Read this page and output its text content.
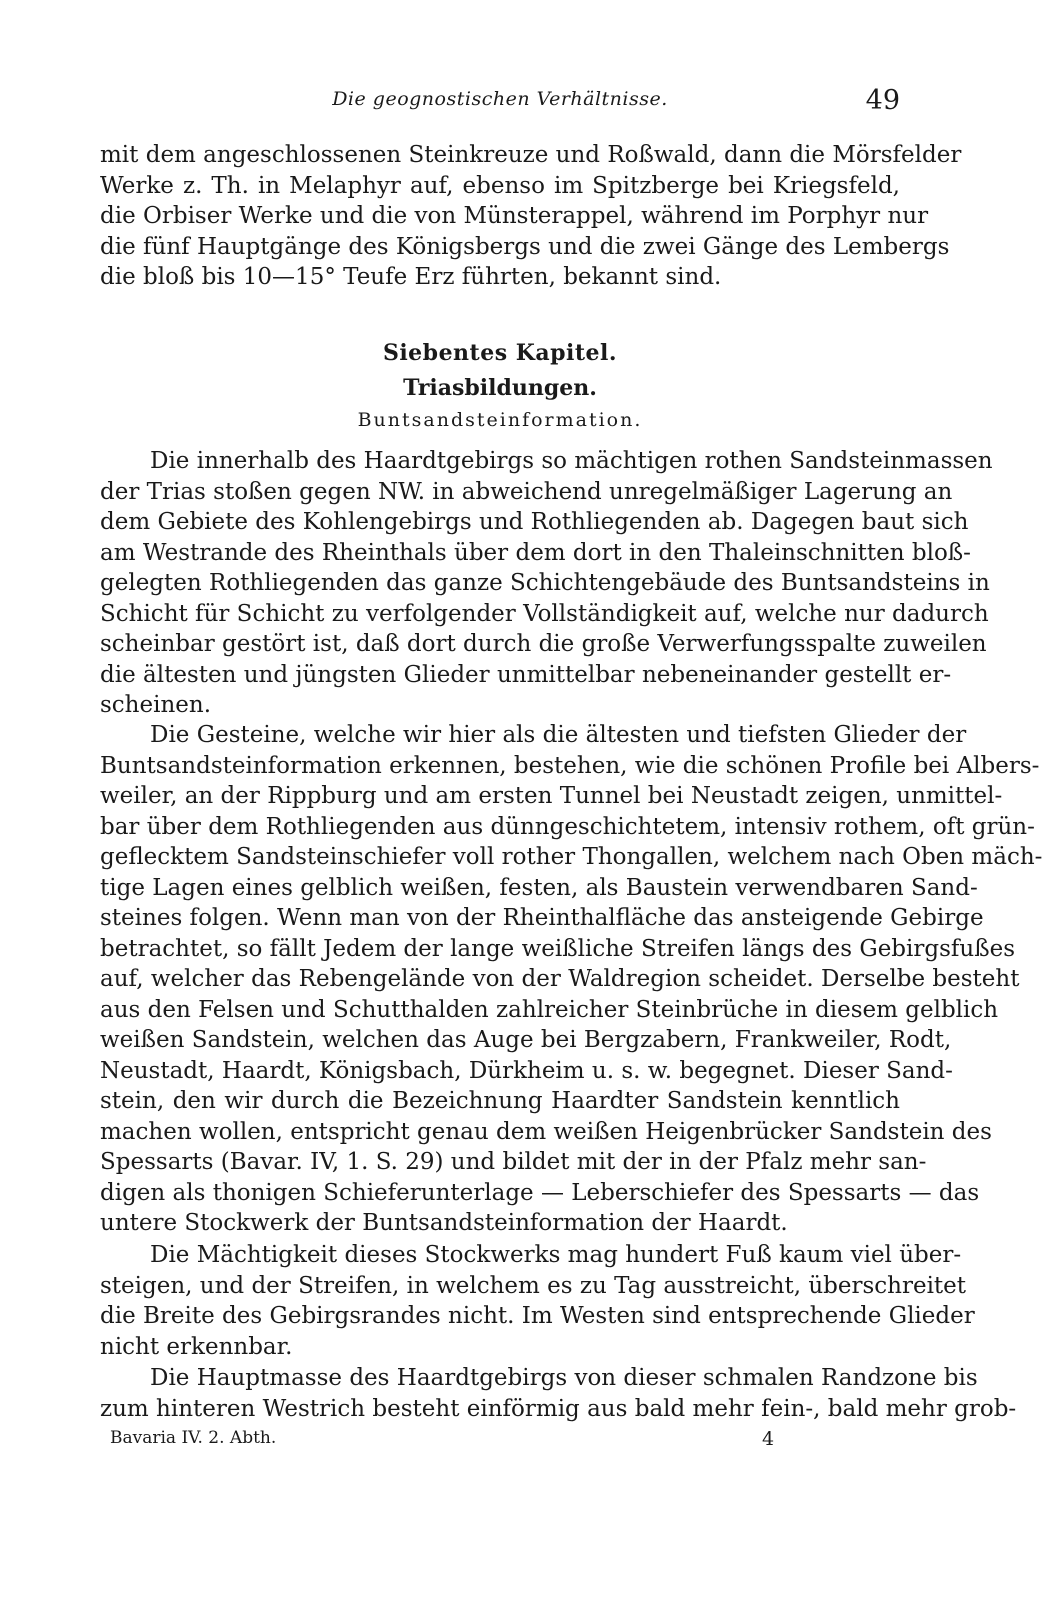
Die geognostischen Verhältnisse.	49
mit dem angeschlossenen Steinkreuze und Roßwald, dann die Mörsfelder
Werke z. Th. in Melaphyr auf, ebenso im Spitzberge bei Kriegsfeld,
die Orbiser Werke und die von Münsterappel, während im Porphyr nur
die fünf Hauptgänge des Königsbergs und die zwei Gänge des Lembergs
die bloß bis 10—15° Teufe Erz führten, bekannt sind.
Siebentes Kapitel.
Triasbildungen.
Buntsandsteinformation.
Die innerhalb des Haardtgebirgs so mächtigen rothen Sandsteinmassen
der Trias stoßen gegen NW. in abweichend unregelmäßiger Lagerung an
dem Gebiete des Kohlengebirgs und Rothliegenden ab. Dagegen baut sich
am Westrande des Rheinthals über dem dort in den Thaleinschnitten bloß-
gelegten Rothliegenden das ganze Schichtengebäude des Buntsandsteins in
Schicht für Schicht zu verfolgender Vollständigkeit auf, welche nur dadurch
scheinbar gestört ist, daß dort durch die große Verwerfungsspalte zuweilen
die ältesten und jüngsten Glieder unmittelbar nebeneinander gestellt er-
scheinen.
Die Gesteine, welche wir hier als die ältesten und tiefsten Glieder der
Buntsandsteinformation erkennen, bestehen, wie die schönen Profile bei Albers-
weiler, an der Rippburg und am ersten Tunnel bei Neustadt zeigen, unmittel-
bar über dem Rothliegenden aus dünngeschichtetem, intensiv rothem, oft grün-
geflecktem Sandsteinschiefer voll rother Thongallen, welchem nach Oben mäch-
tige Lagen eines gelblich weißen, festen, als Baustein verwendbaren Sand-
steines folgen. Wenn man von der Rheinthalfläche das ansteigende Gebirge
betrachtet, so fällt Jedem der lange weißliche Streifen längs des Gebirgsfußes
auf, welcher das Rebengelände von der Waldregion scheidet. Derselbe besteht
aus den Felsen und Schutthalden zahlreicher Steinbrüche in diesem gelblich
weißen Sandstein, welchen das Auge bei Bergzabern, Frankweiler, Rodt,
Neustadt, Haardt, Königsbach, Dürkheim u. s. w. begegnet. Dieser Sand-
stein, den wir durch die Bezeichnung Haardter Sandstein kenntlich
machen wollen, entspricht genau dem weißen Heigenbrücker Sandstein des
Spessarts (Bavar. IV, 1. S. 29) und bildet mit der in der Pfalz mehr san-
digen als thonigen Schieferunterlage — Leberschiefer des Spessarts — das
untere Stockwerk der Buntsandsteinformation der Haardt.
Die Mächtigkeit dieses Stockwerks mag hundert Fuß kaum viel über-
steigen, und der Streifen, in welchem es zu Tag ausstreicht, überschreitet
die Breite des Gebirgsrandes nicht. Im Westen sind entsprechende Glieder
nicht erkennbar.
Die Hauptmasse des Haardtgebirgs von dieser schmalen Randzone bis
zum hinteren Westrich besteht einförmig aus bald mehr fein-, bald mehr grob-
Bavaria IV. 2. Abth.	4
